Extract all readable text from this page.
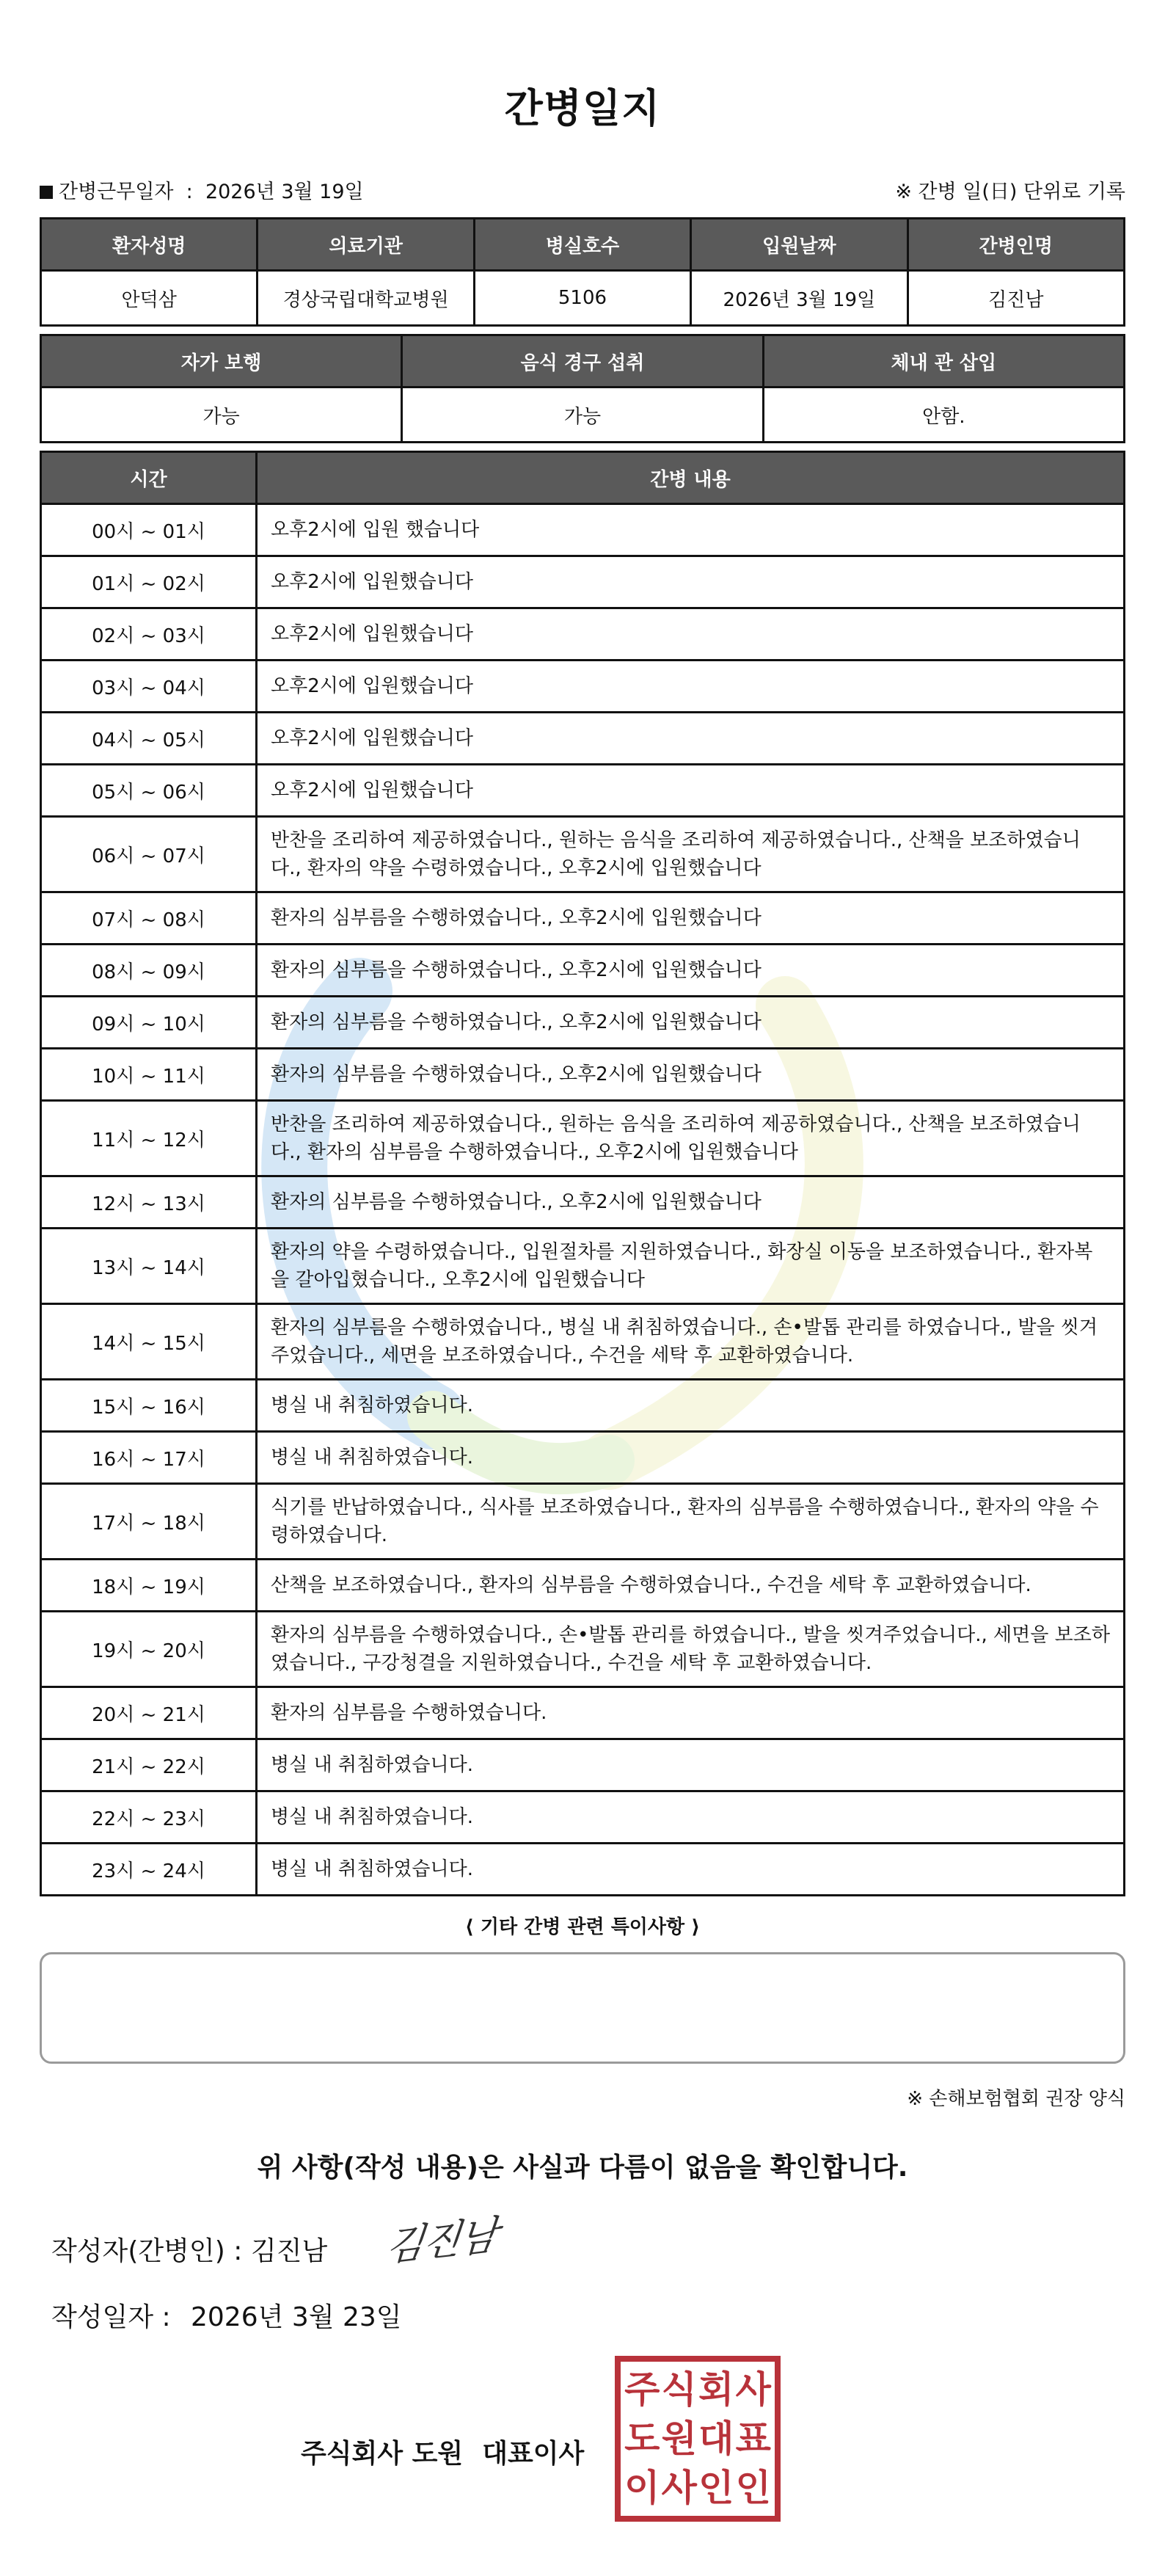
간병일지
간병근무일자 : 2026년 3월 19일	※ 간병 일(日) 단위로 기록
환자성명	의료기관	병실호수	입원날짜	간병인명
안덕삼	경상국립대학교병원	5106	2026년 3월 19일	김진남
자가 보행	음식 경구 섭취	체내 관 삽입
가능	가능	안함.
시간	간병 내용
00시 ~ 01시	오후2시에 입원 했습니다
01시 ~ 02시	오후2시에 입원했습니다
02시 ~ 03시	오후2시에 입원했습니다
03시 ~ 04시	오후2시에 입원했습니다
04시 ~ 05시	오후2시에 입원했습니다
05시 ~ 06시	오후2시에 입원했습니다
06시 ~ 07시	반찬을 조리하여 제공하였습니다., 원하는 음식을 조리하여 제공하였습니다., 산책을 보조하였습니다., 환자의 약을 수령하였습니다., 오후2시에 입원했습니다
07시 ~ 08시	환자의 심부름을 수행하였습니다., 오후2시에 입원했습니다
08시 ~ 09시	환자의 심부름을 수행하였습니다., 오후2시에 입원했습니다
09시 ~ 10시	환자의 심부름을 수행하였습니다., 오후2시에 입원했습니다
10시 ~ 11시	환자의 심부름을 수행하였습니다., 오후2시에 입원했습니다
11시 ~ 12시	반찬을 조리하여 제공하였습니다., 원하는 음식을 조리하여 제공하였습니다., 산책을 보조하였습니다., 환자의 심부름을 수행하였습니다., 오후2시에 입원했습니다
12시 ~ 13시	환자의 심부름을 수행하였습니다., 오후2시에 입원했습니다
13시 ~ 14시	환자의 약을 수령하였습니다., 입원절차를 지원하였습니다., 화장실 이동을 보조하였습니다., 환자복을 갈아입혔습니다., 오후2시에 입원했습니다
14시 ~ 15시	환자의 심부름을 수행하였습니다., 병실 내 취침하였습니다., 손•발톱 관리를 하였습니다., 발을 씻겨주었습니다., 세면을 보조하였습니다., 수건을 세탁 후 교환하였습니다.
15시 ~ 16시	병실 내 취침하였습니다.
16시 ~ 17시	병실 내 취침하였습니다.
17시 ~ 18시	식기를 반납하였습니다., 식사를 보조하였습니다., 환자의 심부름을 수행하였습니다., 환자의 약을 수령하였습니다.
18시 ~ 19시	산책을 보조하였습니다., 환자의 심부름을 수행하였습니다., 수건을 세탁 후 교환하였습니다.
19시 ~ 20시	환자의 심부름을 수행하였습니다., 손•발톱 관리를 하였습니다., 발을 씻겨주었습니다., 세면을 보조하였습니다., 구강청결을 지원하였습니다., 수건을 세탁 후 교환하였습니다.
20시 ~ 21시	환자의 심부름을 수행하였습니다.
21시 ~ 22시	병실 내 취침하였습니다.
22시 ~ 23시	병실 내 취침하였습니다.
23시 ~ 24시	병실 내 취침하였습니다.
⟨ 기타 간병 관련 특이사항 ⟩
※ 손해보험협회 권장 양식
위 사항(작성 내용)은 사실과 다름이 없음을 확인합니다.
작성자(간병인) : 김진남 김진남
작성일자 : 2026년 3월 23일
주식회사 도원 대표이사
주 식 회 사
도 원 대 표
이 사 인 인
